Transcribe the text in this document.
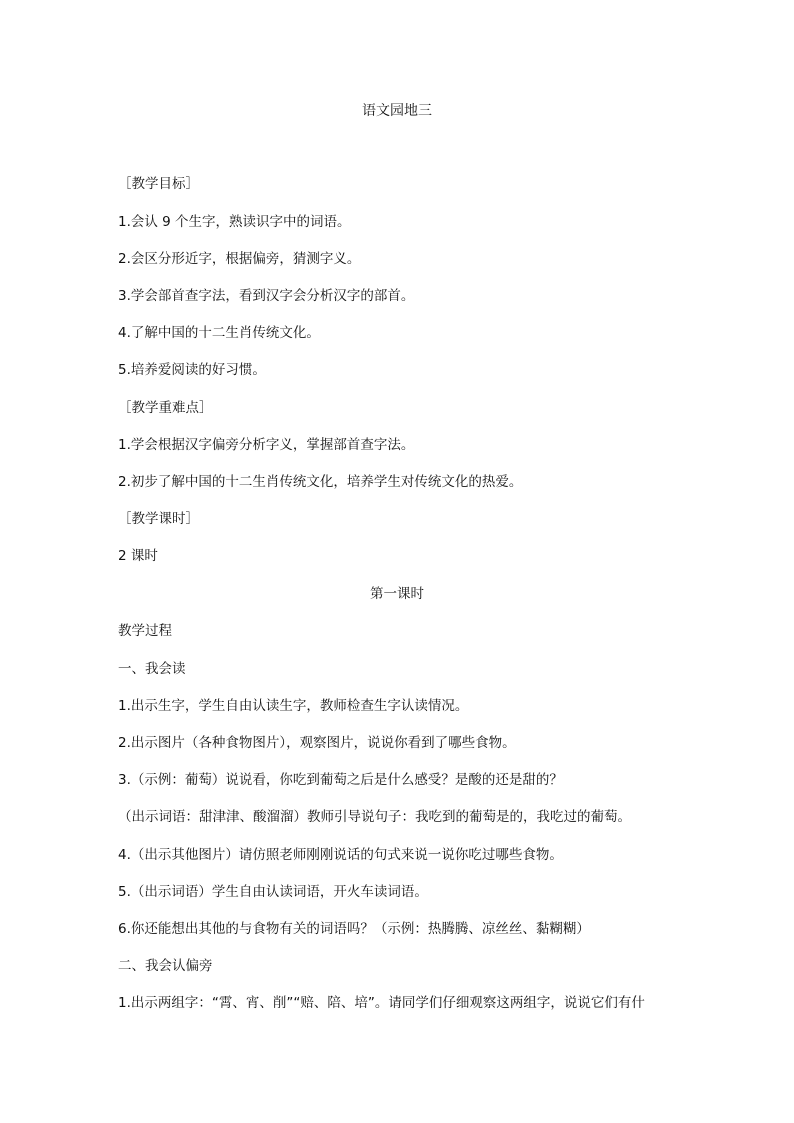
语文园地三
［教学目标］
1.会认 9 个生字，熟读识字中的词语。
2.会区分形近字，根据偏旁，猜测字义。
3.学会部首查字法，看到汉字会分析汉字的部首。
4.了解中国的十二生肖传统文化。
5.培养爱阅读的好习惯。
［教学重难点］
1.学会根据汉字偏旁分析字义，掌握部首查字法。
2.初步了解中国的十二生肖传统文化，培养学生对传统文化的热爱。
［教学课时］
2 课时
第一课时
教学过程
一、我会读
1.出示生字，学生自由认读生字，教师检查生字认读情况。
2.出示图片（各种食物图片），观察图片，说说你看到了哪些食物。
3.（示例：葡萄）说说看，你吃到葡萄之后是什么感受？是酸的还是甜的？
（出示词语：甜津津、酸溜溜）教师引导说句子：我吃到的葡萄是的，我吃过的葡萄。
4.（出示其他图片）请仿照老师刚刚说话的句式来说一说你吃过哪些食物。
5.（出示词语）学生自由认读词语，开火车读词语。
6.你还能想出其他的与食物有关的词语吗？（示例：热腾腾、凉丝丝、黏糊糊）
二、我会认偏旁
1.出示两组字：“霄、宵、削”“赔、陪、培”。请同学们仔细观察这两组字，说说它们有什
